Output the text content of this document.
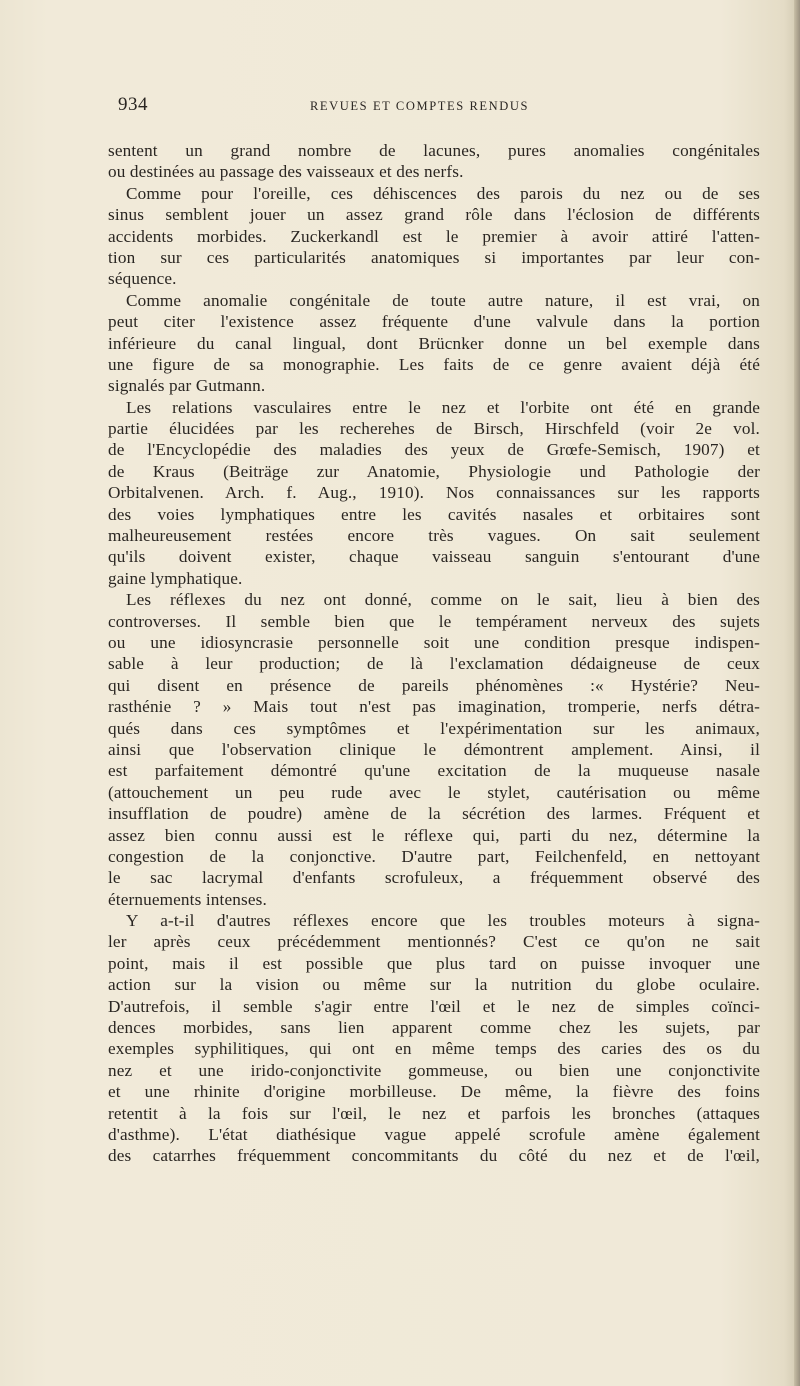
934	REVUES ET COMPTES RENDUS
sentent un grand nombre de lacunes, pures anomalies congénitales
ou destinées au passage des vaisseaux et des nerfs.
Comme pour l'oreille, ces déhiscences des parois du nez ou de ses
sinus semblent jouer un assez grand rôle dans l'éclosion de différents
accidents morbides. Zuckerkandl est le premier à avoir attiré l'atten-
tion sur ces particularités anatomiques si importantes par leur con-
séquence.
Comme anomalie congénitale de toute autre nature, il est vrai, on
peut citer l'existence assez fréquente d'une valvule dans la portion
inférieure du canal lingual, dont Brücnker donne un bel exemple dans
une figure de sa monographie. Les faits de ce genre avaient déjà été
signalés par Gutmann.
Les relations vasculaires entre le nez et l'orbite ont été en grande
partie élucidées par les recherehes de Birsch, Hirschfeld (voir 2e vol.
de l'Encyclopédie des maladies des yeux de Grœfe-Semisch, 1907) et
de Kraus (Beiträge zur Anatomie, Physiologie und Pathologie der
Orbitalvenen. Arch. f. Aug., 1910). Nos connaissances sur les rapports
des voies lymphatiques entre les cavités nasales et orbitaires sont
malheureusement restées encore très vagues. On sait seulement
qu'ils doivent exister, chaque vaisseau sanguin s'entourant d'une
gaine lymphatique.
Les réflexes du nez ont donné, comme on le sait, lieu à bien des
controverses. Il semble bien que le tempérament nerveux des sujets
ou une idiosyncrasie personnelle soit une condition presque indispen-
sable à leur production; de là l'exclamation dédaigneuse de ceux
qui disent en présence de pareils phénomènes :« Hystérie? Neu-
rasthénie ? » Mais tout n'est pas imagination, tromperie, nerfs détra-
qués dans ces symptômes et l'expérimentation sur les animaux,
ainsi que l'observation clinique le démontrent amplement. Ainsi, il
est parfaitement démontré qu'une excitation de la muqueuse nasale
(attouchement un peu rude avec le stylet, cautérisation ou même
insufflation de poudre) amène de la sécrétion des larmes. Fréquent et
assez bien connu aussi est le réflexe qui, parti du nez, détermine la
congestion de la conjonctive. D'autre part, Feilchenfeld, en nettoyant
le sac lacrymal d'enfants scrofuleux, a fréquemment observé des
éternuements intenses.
Y a-t-il d'autres réflexes encore que les troubles moteurs à signa-
ler après ceux précédemment mentionnés? C'est ce qu'on ne sait
point, mais il est possible que plus tard on puisse invoquer une
action sur la vision ou même sur la nutrition du globe oculaire.
D'autrefois, il semble s'agir entre l'œil et le nez de simples coïnci-
dences morbides, sans lien apparent comme chez les sujets, par
exemples syphilitiques, qui ont en même temps des caries des os du
nez et une irido-conjonctivite gommeuse, ou bien une conjonctivite
et une rhinite d'origine morbilleuse. De même, la fièvre des foins
retentit à la fois sur l'œil, le nez et parfois les bronches (attaques
d'asthme). L'état diathésique vague appelé scrofule amène également
des catarrhes fréquemment concommitants du côté du nez et de l'œil,
